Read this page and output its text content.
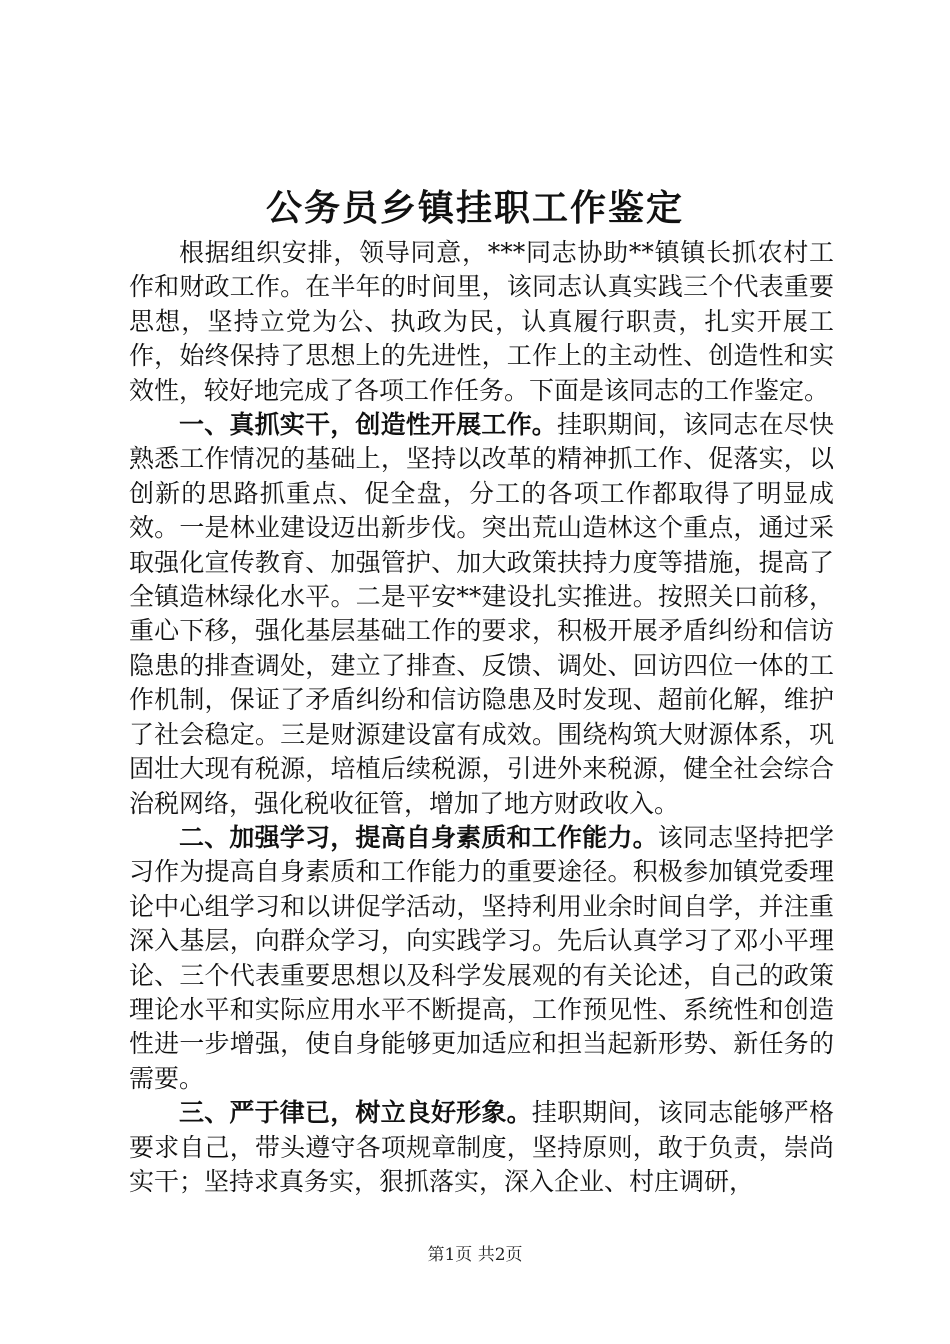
公务员乡镇挂职工作鉴定

根据组织安排，领导同意，***同志协助**镇镇长抓农村工作和财政工作。在半年的时间里，该同志认真实践三个代表重要思想，坚持立党为公、执政为民，认真履行职责，扎实开展工作，始终保持了思想上的先进性，工作上的主动性、创造性和实效性，较好地完成了各项工作任务。下面是该同志的工作鉴定。

一、真抓实干，创造性开展工作。挂职期间，该同志在尽快熟悉工作情况的基础上，坚持以改革的精神抓工作、促落实，以创新的思路抓重点、促全盘，分工的各项工作都取得了明显成效。一是林业建设迈出新步伐。突出荒山造林这个重点，通过采取强化宣传教育、加强管护、加大政策扶持力度等措施，提高了全镇造林绿化水平。二是平安**建设扎实推进。按照关口前移，重心下移，强化基层基础工作的要求，积极开展矛盾纠纷和信访隐患的排查调处，建立了排查、反馈、调处、回访四位一体的工作机制，保证了矛盾纠纷和信访隐患及时发现、超前化解，维护了社会稳定。三是财源建设富有成效。围绕构筑大财源体系，巩固壮大现有税源，培植后续税源，引进外来税源，健全社会综合治税网络，强化税收征管，增加了地方财政收入。

二、加强学习，提高自身素质和工作能力。该同志坚持把学习作为提高自身素质和工作能力的重要途径。积极参加镇党委理论中心组学习和以讲促学活动，坚持利用业余时间自学，并注重深入基层，向群众学习，向实践学习。先后认真学习了邓小平理论、三个代表重要思想以及科学发展观的有关论述，自己的政策理论水平和实际应用水平不断提高，工作预见性、系统性和创造性进一步增强，使自身能够更加适应和担当起新形势、新任务的需要。

三、严于律已，树立良好形象。挂职期间，该同志能够严格要求自己，带头遵守各项规章制度，坚持原则，敢于负责，崇尚实干；坚持求真务实，狠抓落实，深入企业、村庄调研，

第1页 共2页
